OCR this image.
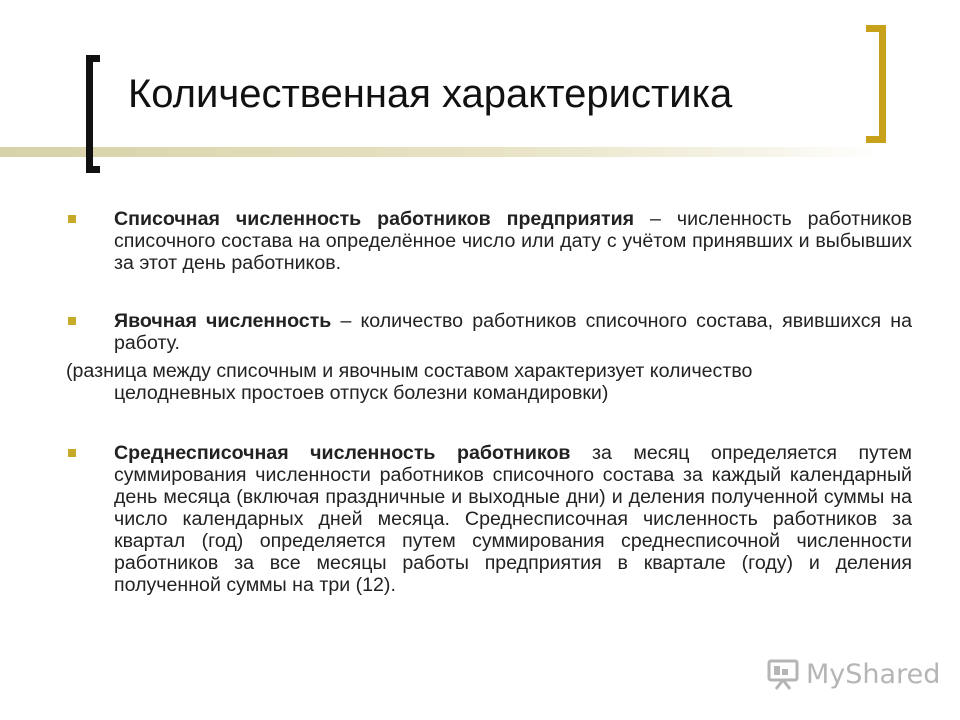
Количественная характеристика

Списочная численность работников предприятия – численность работников списочного состава на определённое число или дату с учётом принявших и выбывших за этот день работников.

Явочная численность – количество работников списочного состава, явившихся на работу.

(разница между списочным и явочным составом характеризует количество
целодневных простоев отпуск болезни командировки)

Среднесписочная численность работников за месяц определяется путем суммирования численности работников списочного состава за каждый календарный день месяца (включая праздничные и выходные дни) и деления полученной суммы на число календарных дней месяца. Среднесписочная численность работников за квартал (год) определяется путем суммирования среднесписочной численности работников за все месяцы работы предприятия в квартале (году) и деления полученной суммы на три (12).

MyShared
